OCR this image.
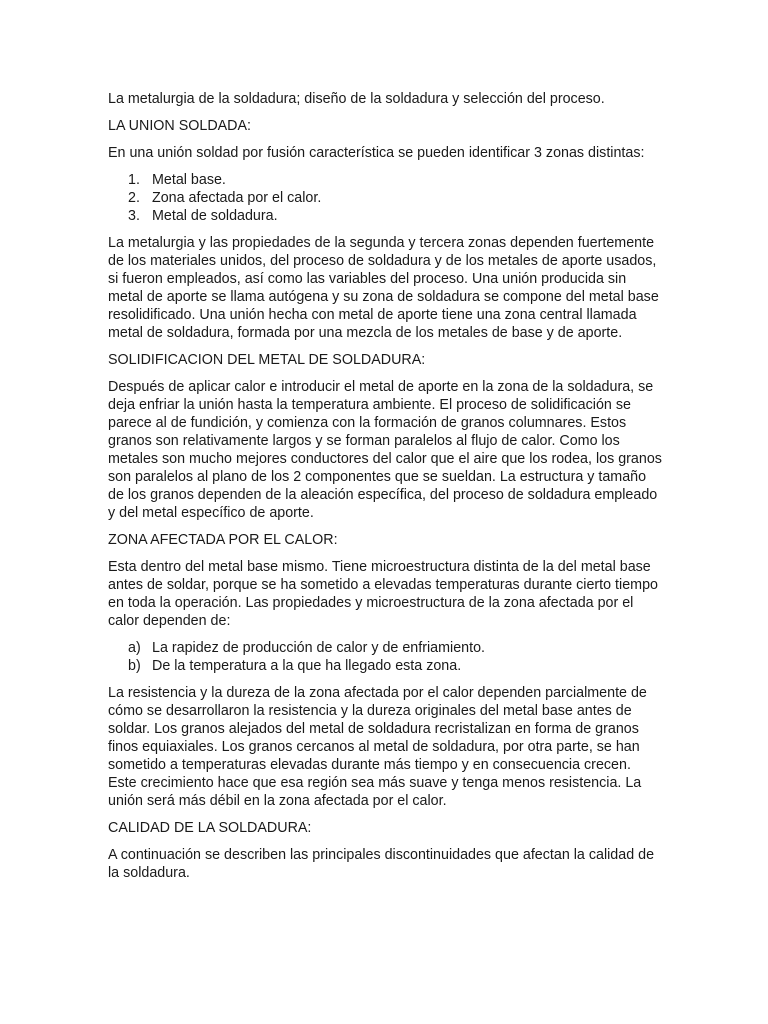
La metalurgia de la soldadura; diseño de la soldadura y selección del proceso.

LA UNION SOLDADA:

En una unión soldad por fusión característica se pueden identificar 3 zonas distintas:

1. Metal base.
2. Zona afectada por el calor.
3. Metal de soldadura.

La metalurgia y las propiedades de la segunda y tercera zonas dependen fuertemente de los materiales unidos, del proceso de soldadura y de los metales de aporte usados, si fueron empleados, así como las variables del proceso. Una unión producida sin metal de aporte se llama autógena y su zona de soldadura se compone del metal base resolidificado. Una unión hecha con metal de aporte tiene una zona central llamada metal de soldadura, formada por una mezcla de los metales de base y de aporte.

SOLIDIFICACION DEL METAL DE SOLDADURA:

Después de aplicar calor e introducir el metal de aporte en la zona de la soldadura, se deja enfriar la unión hasta la temperatura ambiente. El proceso de solidificación se parece al de fundición, y comienza con la formación de granos columnares. Estos granos son relativamente largos y se forman paralelos al flujo de calor. Como los metales son mucho mejores conductores del calor que el aire que los rodea, los granos son paralelos al plano de los 2 componentes que se sueldan. La estructura y tamaño de los granos dependen de la aleación específica, del proceso de soldadura empleado y del metal específico de aporte.

ZONA AFECTADA POR EL CALOR:

Esta dentro del metal base mismo. Tiene microestructura distinta de la del metal base antes de soldar, porque se ha sometido a elevadas temperaturas durante cierto tiempo en toda la operación. Las propiedades y microestructura de la zona afectada por el calor dependen de:

a) La rapidez de producción de calor y de enfriamiento.
b) De la temperatura a la que ha llegado esta zona.

La resistencia y la dureza de la zona afectada por el calor dependen parcialmente de cómo se desarrollaron la resistencia y la dureza originales del metal base antes de soldar. Los granos alejados del metal de soldadura recristalizan en forma de granos finos equiaxiales. Los granos cercanos al metal de soldadura, por otra parte, se han sometido a temperaturas elevadas durante más tiempo y en consecuencia crecen. Este crecimiento hace que esa región sea más suave y tenga menos resistencia. La unión será más débil en la zona afectada por el calor.

CALIDAD DE LA SOLDADURA:

A continuación se describen las principales discontinuidades que afectan la calidad de la soldadura.
